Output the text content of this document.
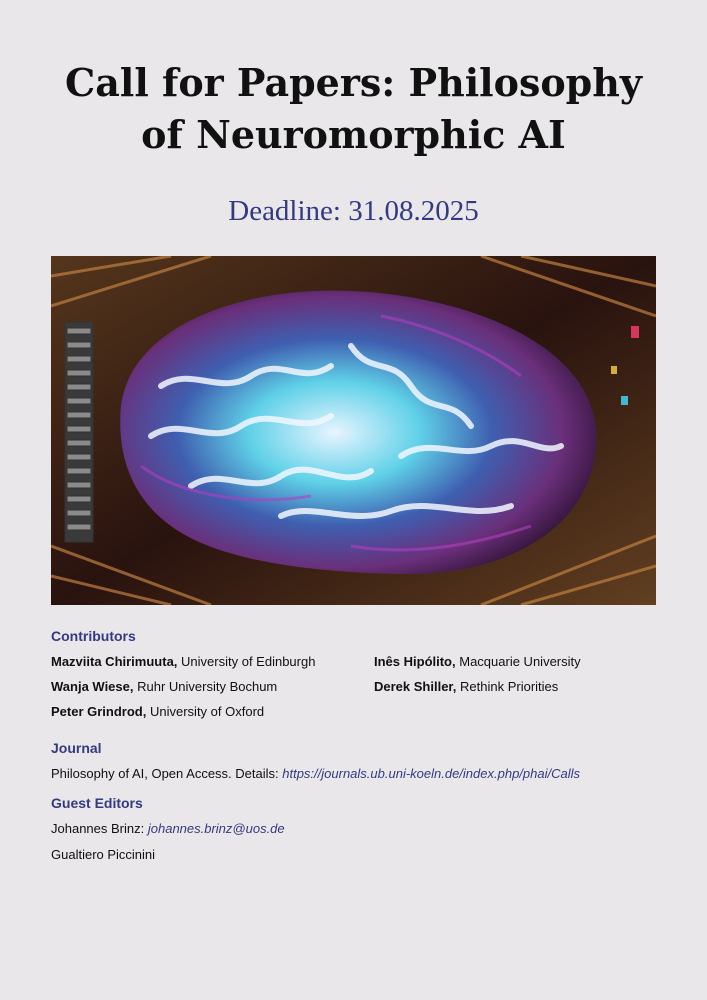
Call for Papers: Philosophy of Neuromorphic AI
Deadline: 31.08.2025
Contributors
Mazviita Chirimuuta, University of Edinburgh
Wanja Wiese, Ruhr University Bochum
Peter Grindrod, University of Oxford
Inês Hipólito, Macquarie University
Derek Shiller, Rethink Priorities
Journal
Philosophy of AI, Open Access. Details: https://journals.ub.uni-koeln.de/index.php/phai/Calls
Guest Editors
Johannes Brinz: johannes.brinz@uos.de
Gualtiero Piccinini
